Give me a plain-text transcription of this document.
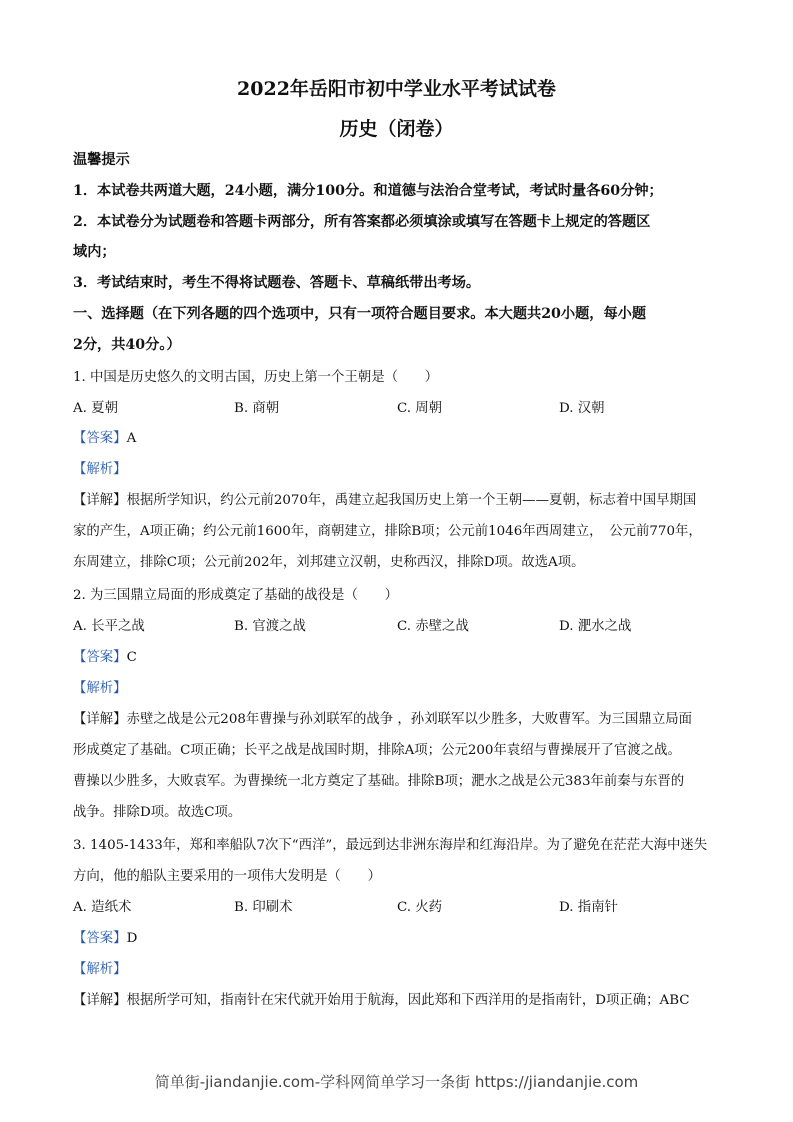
2022年岳阳市初中学业水平考试试卷
历史（闭卷）
温馨提示
1．本试卷共两道大题，24小题，满分100分。和道德与法治合堂考试，考试时量各60分钟；
2．本试卷分为试题卷和答题卡两部分，所有答案都必须填涂或填写在答题卡上规定的答题区
域内；
3．考试结束时，考生不得将试题卷、答题卡、草稿纸带出考场。
一、选择题（在下列各题的四个选项中，只有一项符合题目要求。本大题共20小题，每小题
2分，共40分。）
1. 中国是历史悠久的文明古国，历史上第一个王朝是（　　）
A. 夏朝	B. 商朝	C. 周朝	D. 汉朝
【答案】A
【解析】
【详解】根据所学知识，约公元前2070年，禹建立起我国历史上第一个王朝——夏朝，标志着中国早期国
家的产生，A项正确；约公元前1600年，商朝建立，排除B项；公元前1046年西周建立，　公元前770年，
东周建立，排除C项；公元前202年，刘邦建立汉朝，史称西汉，排除D项。故选A项。
2. 为三国鼎立局面的形成奠定了基础的战役是（　　）
A. 长平之战	B. 官渡之战	C. 赤壁之战	D. 淝水之战
【答案】C
【解析】
【详解】赤壁之战是公元208年曹操与孙刘联军的战争 ，孙刘联军以少胜多，大败曹军。为三国鼎立局面
形成奠定了基础。C项正确；长平之战是战国时期，排除A项；公元200年袁绍与曹操展开了官渡之战。
曹操以少胜多，大败袁军。为曹操统一北方奠定了基础。排除B项；淝水之战是公元383年前秦与东晋的
战争。排除D项。故选C项。
3. 1405-1433年，郑和率船队7次下“西洋”，最远到达非洲东海岸和红海沿岸。为了避免在茫茫大海中迷失
方向，他的船队主要采用的一项伟大发明是（　　）
A. 造纸术	B. 印刷术	C. 火药	D. 指南针
【答案】D
【解析】
【详解】根据所学可知，指南针在宋代就开始用于航海，因此郑和下西洋用的是指南针，D项正确；ABC
简单街-jiandanjie.com-学科网简单学习一条街 https://jiandanjie.com
